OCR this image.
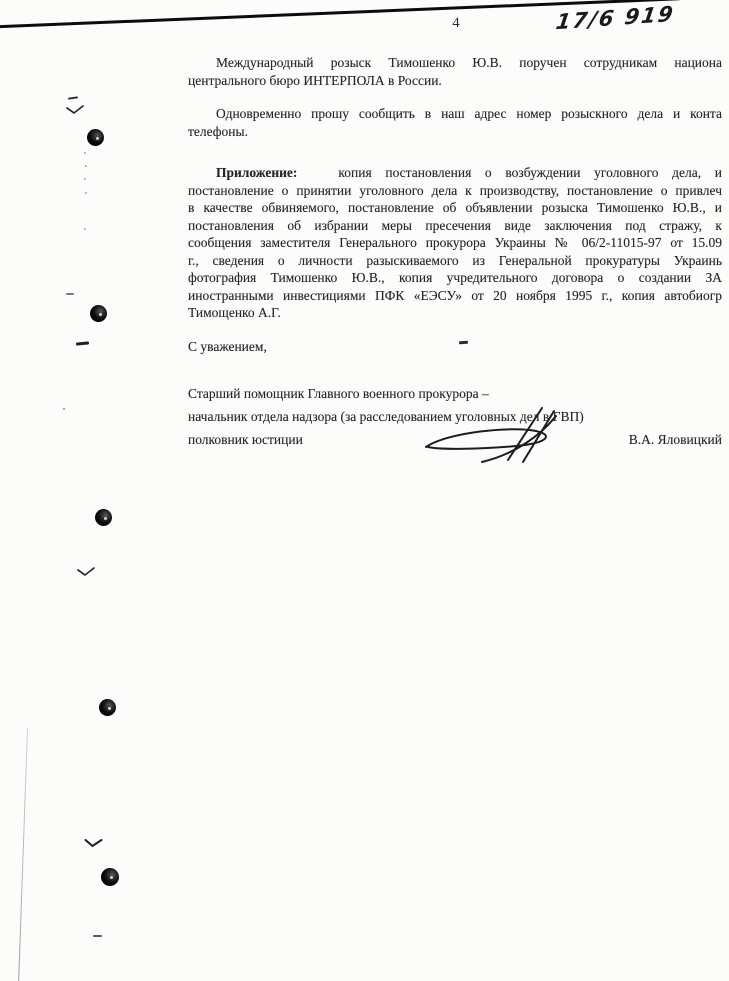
4	17/6 919
Международный розыск Тимошенко Ю.В. поручен сотрудникам национа
центрального бюро ИНТЕРПОЛА в России.
Одновременно прошу сообщить в наш адрес номер розыскного дела и конта
телефоны.
Приложение:   копия постановления о возбуждении уголовного дела, и
постановление о принятии уголовного дела к производству, постановление о привлеч
в качестве обвиняемого, постановление об объявлении розыска Тимошенко Ю.В., и
постановления об избрании меры пресечения виде заключения под стражу, к
сообщения заместителя Генерального прокурора Украины № 06/2-11015-97 от 15.09
г., сведения о личности разыскиваемого из Генеральной прокуратуры Украинь
фотография Тимошенко Ю.В., копия учредительного договора о создании ЗА
иностранными инвестициями ПФК «ЕЭСУ» от 20 ноября 1995 г., копия автобиогр
Тимощенко А.Г.
С уважением,
Старший помощник Главного военного прокурора –
начальник отдела надзора (за расследованием уголовных дел в ГВП)
полковник юстиции	В.А. Яловицкий
